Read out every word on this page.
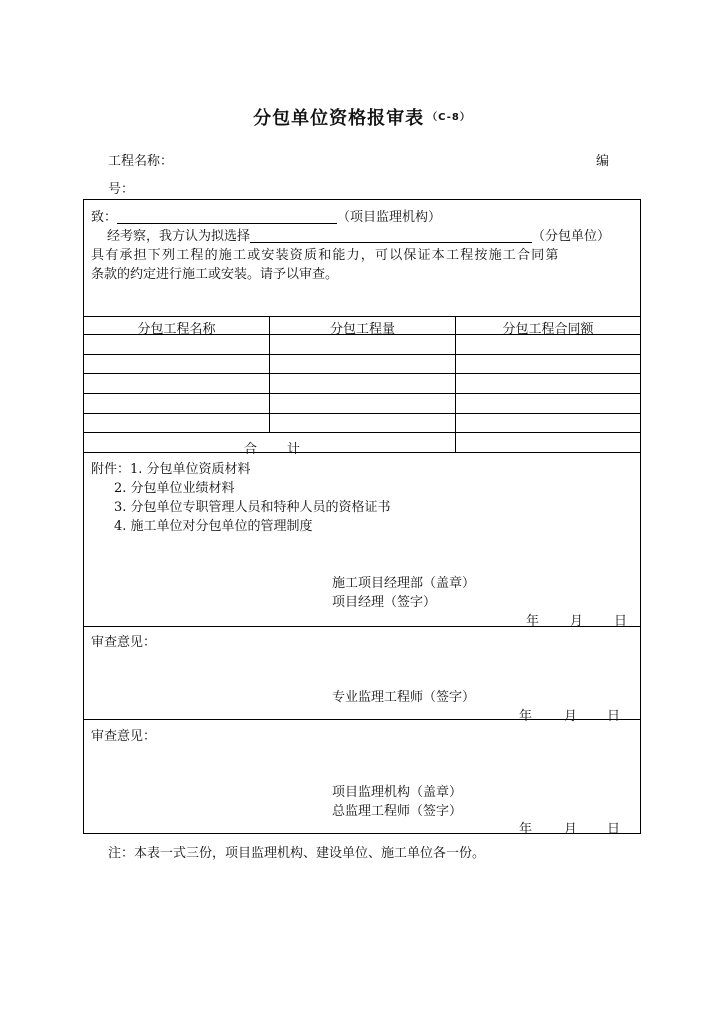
分包单位资格报审表 $^{(C-8)}$
工程名称：	编
号：
致：	（项目监理机构）
经考察，我方认为拟选择	（分包单位）
具有承担下列工程的施工或安装资质和能力，可以保证本工程按施工合同第
条款的约定进行施工或安装。请予以审查。
分包工程名称	分包工程量	分包工程合同额
合 计
附件：1. 分包单位资质材料
2. 分包单位业绩材料
3. 分包单位专职管理人员和特种人员的资格证书
4. 施工单位对分包单位的管理制度
施工项目经理部（盖章）
项目经理（签字）
年 月 日
审查意见：
专业监理工程师（签字）
年 月 日
审查意见：
项目监理机构（盖章）
总监理工程师（签字）
年 月 日
注：本表一式三份，项目监理机构、建设单位、施工单位各一份。
